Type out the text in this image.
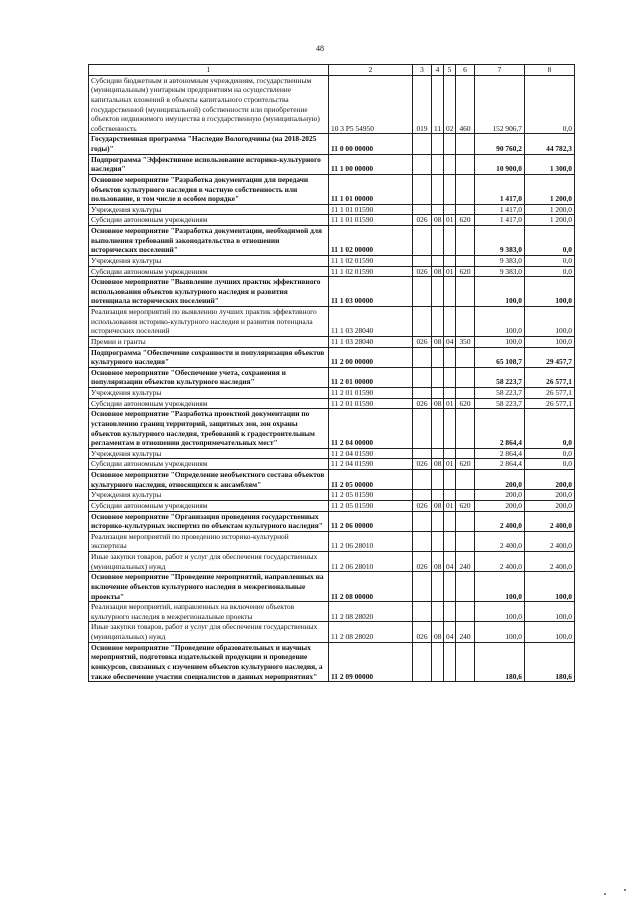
48
1	2	3	4	5	6	7	8
Субсидии бюджетным и автономным учреждениям, государственным (муниципальным) унитарным предприятиям на осуществление капитальных вложений в объекты капитального строительства государственной (муниципальной) собственности или приобретение объектов недвижимого имущества в государственную (муниципальную) собственность	10 3 Р5 54950	019	11	02	460	152 906,7	0,0
Государственная программа "Наследие Вологодчины (на 2018-2025 годы)"	11 0 00 00000					90 760,2	44 782,3
Подпрограмма "Эффективное использование историко-культурного наследия"	11 1 00 00000					10 900,0	1 300,0
Основное мероприятие "Разработка документации для передачи объектов культурного наследия в частную собственность или пользование, в том числе в особом порядке"	11 1 01 00000					1 417,0	1 200,0
Учреждения культуры	11 1 01 01590					1 417,0	1 200,0
Субсидии автономным учреждениям	11 1 01 01590	026	08	01	620	1 417,0	1 200,0
Основное мероприятие "Разработка документации, необходимой для выполнения требований законодательства в отношении исторических поселений"	11 1 02 00000					9 383,0	0,0
Учреждения культуры	11 1 02 01590					9 383,0	0,0
Субсидии автономным учреждениям	11 1 02 01590	026	08	01	620	9 383,0	0,0
Основное мероприятие "Выявление лучших практик эффективного использования объектов культурного наследия и развития потенциала исторических поселений"	11 1 03 00000					100,0	100,0
Реализация мероприятий по выявлению лучших практик эффективного использования историко-культурного наследия и развития потенциала исторических поселений	11 1 03 28040					100,0	100,0
Премии и гранты	11 1 03 28040	026	08	04	350	100,0	100,0
Подпрограмма "Обеспечение сохранности и популяризация объектов культурного наследия"	11 2 00 00000					65 108,7	29 457,7
Основное мероприятие "Обеспечение учета, сохранения и популяризации объектов культурного наследия"	11 2 01 00000					58 223,7	26 577,1
Учреждения культуры	11 2 01 01590					58 223,7	26 577,1
Субсидии автономным учреждениям	11 2 01 01590	026	08	01	620	58 223,7	26 577,1
Основное мероприятие "Разработка проектной документации по установлению границ территорий, защитных зон, зон охраны объектов культурного наследия, требований к градостроительным регламентам в отношении достопримечательных мест"	11 2 04 00000					2 864,4	0,0
Учреждения культуры	11 2 04 01590					2 864,4	0,0
Субсидии автономным учреждениям	11 2 04 01590	026	08	01	620	2 864,4	0,0
Основное мероприятие "Определение необъектного состава объектов культурного наследия, относящихся к ансамблям"	11 2 05 00000					200,0	200,0
Учреждения культуры	11 2 05 01590					200,0	200,0
Субсидии автономным учреждениям	11 2 05 01590	026	08	01	620	200,0	200,0
Основное мероприятие "Организация проведения государственных историко-культурных экспертиз по объектам культурного наследия"	11 2 06 00000					2 400,0	2 400,0
Реализация мероприятий по проведению историко-культурной экспертизы	11 2 06 28010					2 400,0	2 400,0
Иные закупки товаров, работ и услуг для обеспечения государственных (муниципальных) нужд	11 2 06 28010	026	08	04	240	2 400,0	2 400,0
Основное мероприятие "Проведение мероприятий, направленных на включение объектов культурного наследия в межрегиональные проекты"	11 2 08 00000					100,0	100,0
Реализация мероприятий, направленных на включение объектов культурного наследия в межрегиональные проекты	11 2 08 28020					100,0	100,0
Иные закупки товаров, работ и услуг для обеспечения государственных (муниципальных) нужд	11 2 08 28020	026	08	04	240	100,0	100,0
Основное мероприятие "Проведение образовательных и научных мероприятий, подготовка издательской продукции и проведение конкурсов, связанных с изучением объектов культурного наследия, а также обеспечение участия специалистов в данных мероприятиях"	11 2 09 00000					180,6	180,6
